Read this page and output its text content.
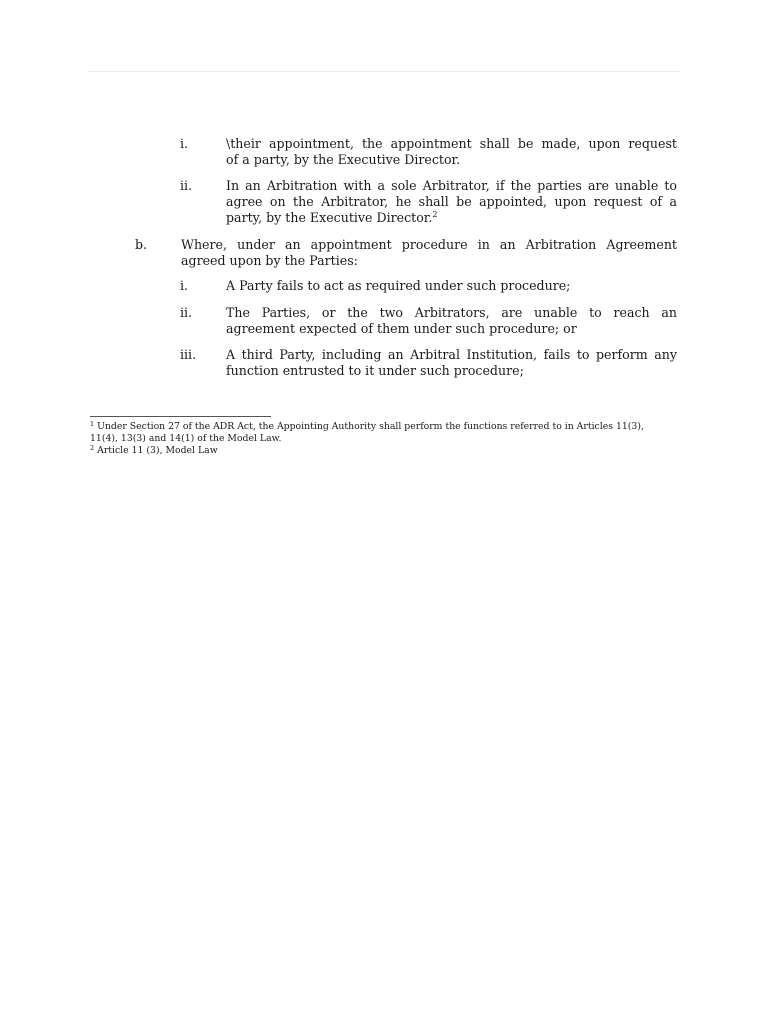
i.	\their appointment, the appointment shall be made, upon request
of a party, by the Executive Director.
ii.	In an Arbitration with a sole Arbitrator, if the parties are unable to
agree on the Arbitrator, he shall be appointed, upon request of a
party, by the Executive Director.$^2$
b.	Where, under an appointment procedure in an Arbitration Agreement
agreed upon by the Parties:
i.	A Party fails to act as required under such procedure;
ii.	The Parties, or the two Arbitrators, are unable to reach an
agreement expected of them under such procedure; or
iii. A third Party, including an Arbitral Institution, fails to perform any
function entrusted to it under such procedure;
$^1$ Under Section 27 of the ADR Act, the Appointing Authority shall perform the functions referred to in Articles 11(3),
11(4), 13(3) and 14(1) of the Model Law.
$^2$ Article 11 (3), Model Law
